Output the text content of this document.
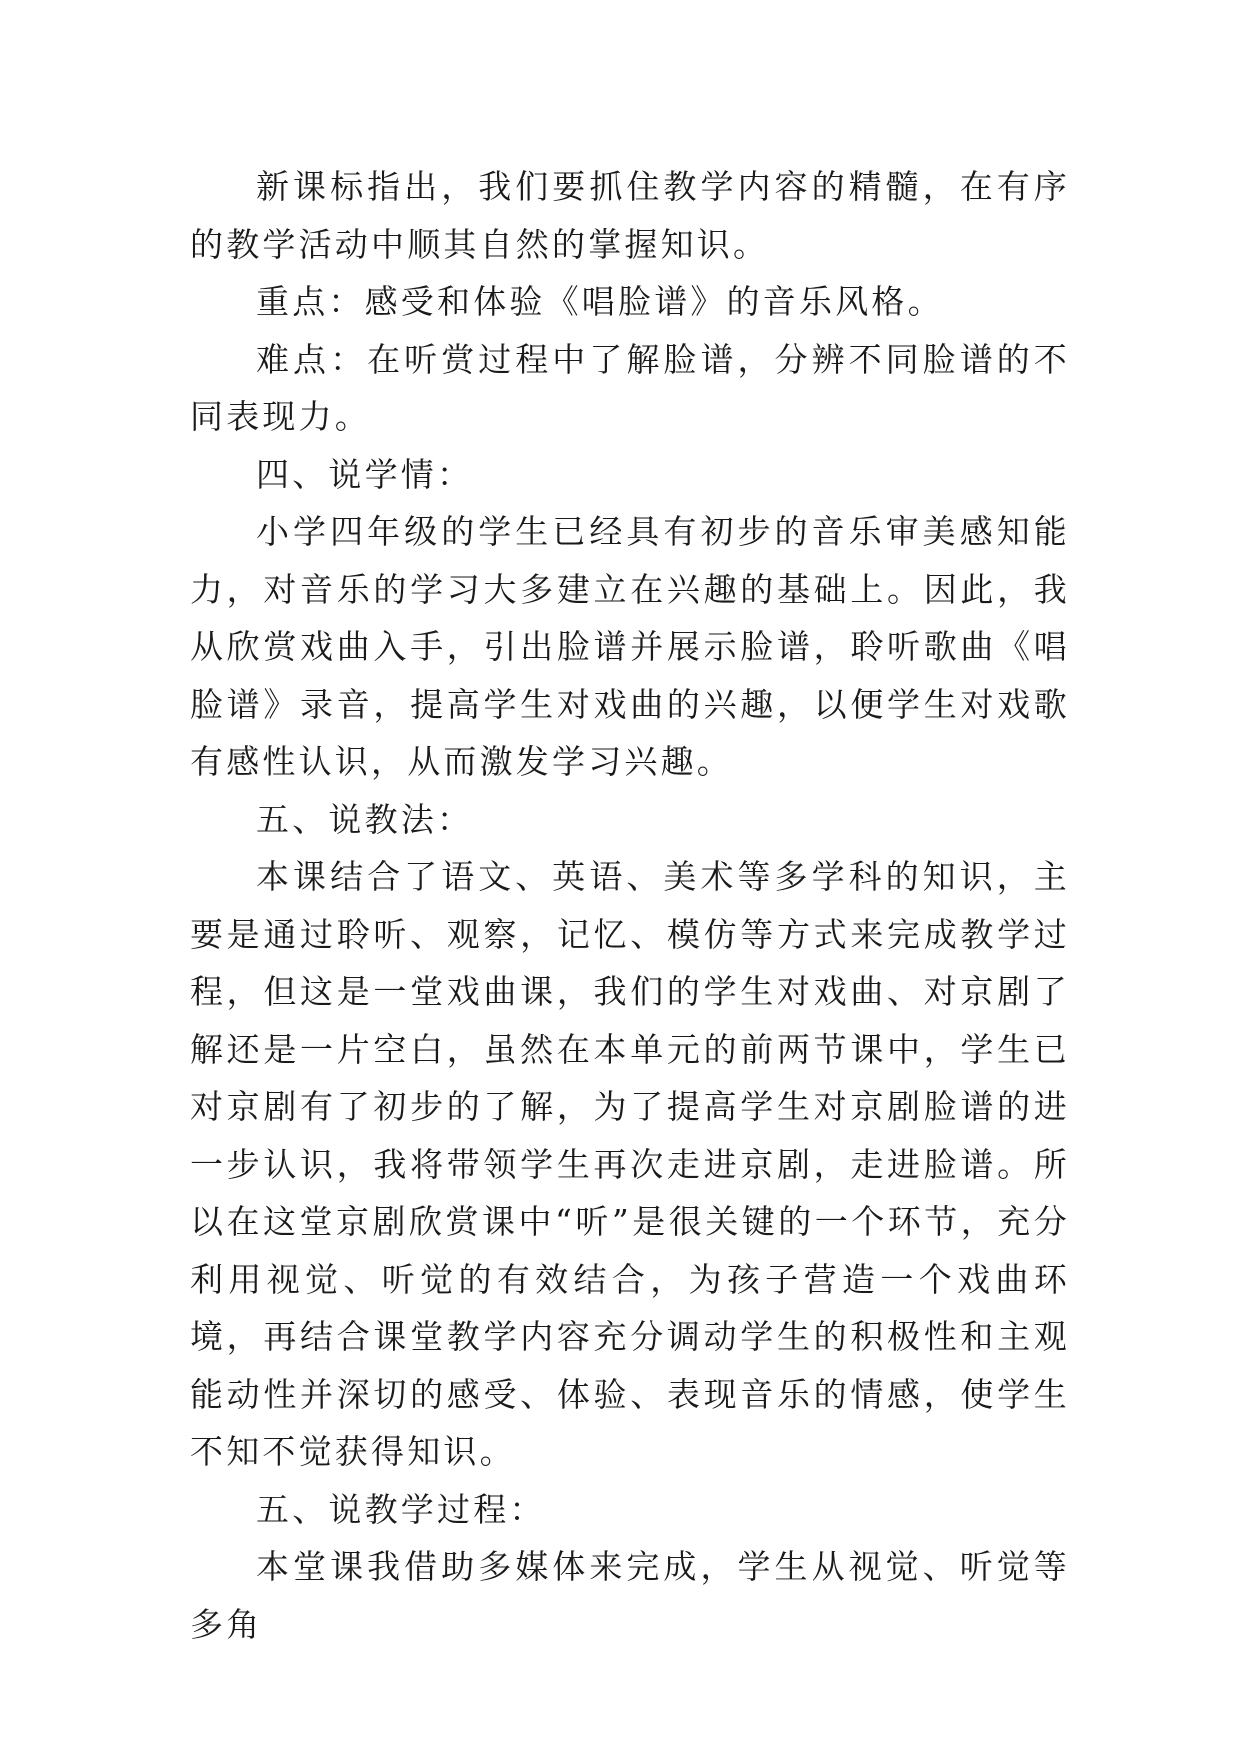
新课标指出，我们要抓住教学内容的精髓，在有序的教学活动中顺其自然的掌握知识。

重点：感受和体验《唱脸谱》的音乐风格。

难点：在听赏过程中了解脸谱，分辨不同脸谱的不同表现力。

四、说学情：

小学四年级的学生已经具有初步的音乐审美感知能力，对音乐的学习大多建立在兴趣的基础上。因此，我从欣赏戏曲入手，引出脸谱并展示脸谱，聆听歌曲《唱脸谱》录音，提高学生对戏曲的兴趣，以便学生对戏歌有感性认识，从而激发学习兴趣。

五、说教法：

本课结合了语文、英语、美术等多学科的知识，主要是通过聆听、观察，记忆、模仿等方式来完成教学过程，但这是一堂戏曲课，我们的学生对戏曲、对京剧了解还是一片空白，虽然在本单元的前两节课中，学生已对京剧有了初步的了解，为了提高学生对京剧脸谱的进一步认识，我将带领学生再次走进京剧，走进脸谱。所以在这堂京剧欣赏课中“听”是很关键的一个环节，充分利用视觉、听觉的有效结合，为孩子营造一个戏曲环境，再结合课堂教学内容充分调动学生的积极性和主观能动性并深切的感受、体验、表现音乐的情感，使学生不知不觉获得知识。

五、说教学过程：

本堂课我借助多媒体来完成，学生从视觉、听觉等多角
